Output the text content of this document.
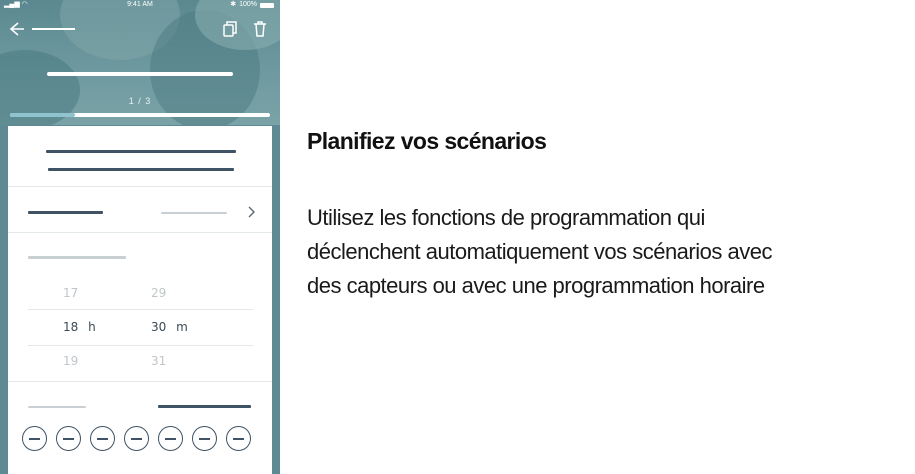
▂▄▆ ◠	9:41 AM	✱ 100%
1 / 3
17
18 h
19
29
30 m
31
Planifiez vos scénarios
Utilisez les fonctions de programmation qui
déclenchent automatiquement vos scénarios avec
des capteurs ou avec une programmation horaire
